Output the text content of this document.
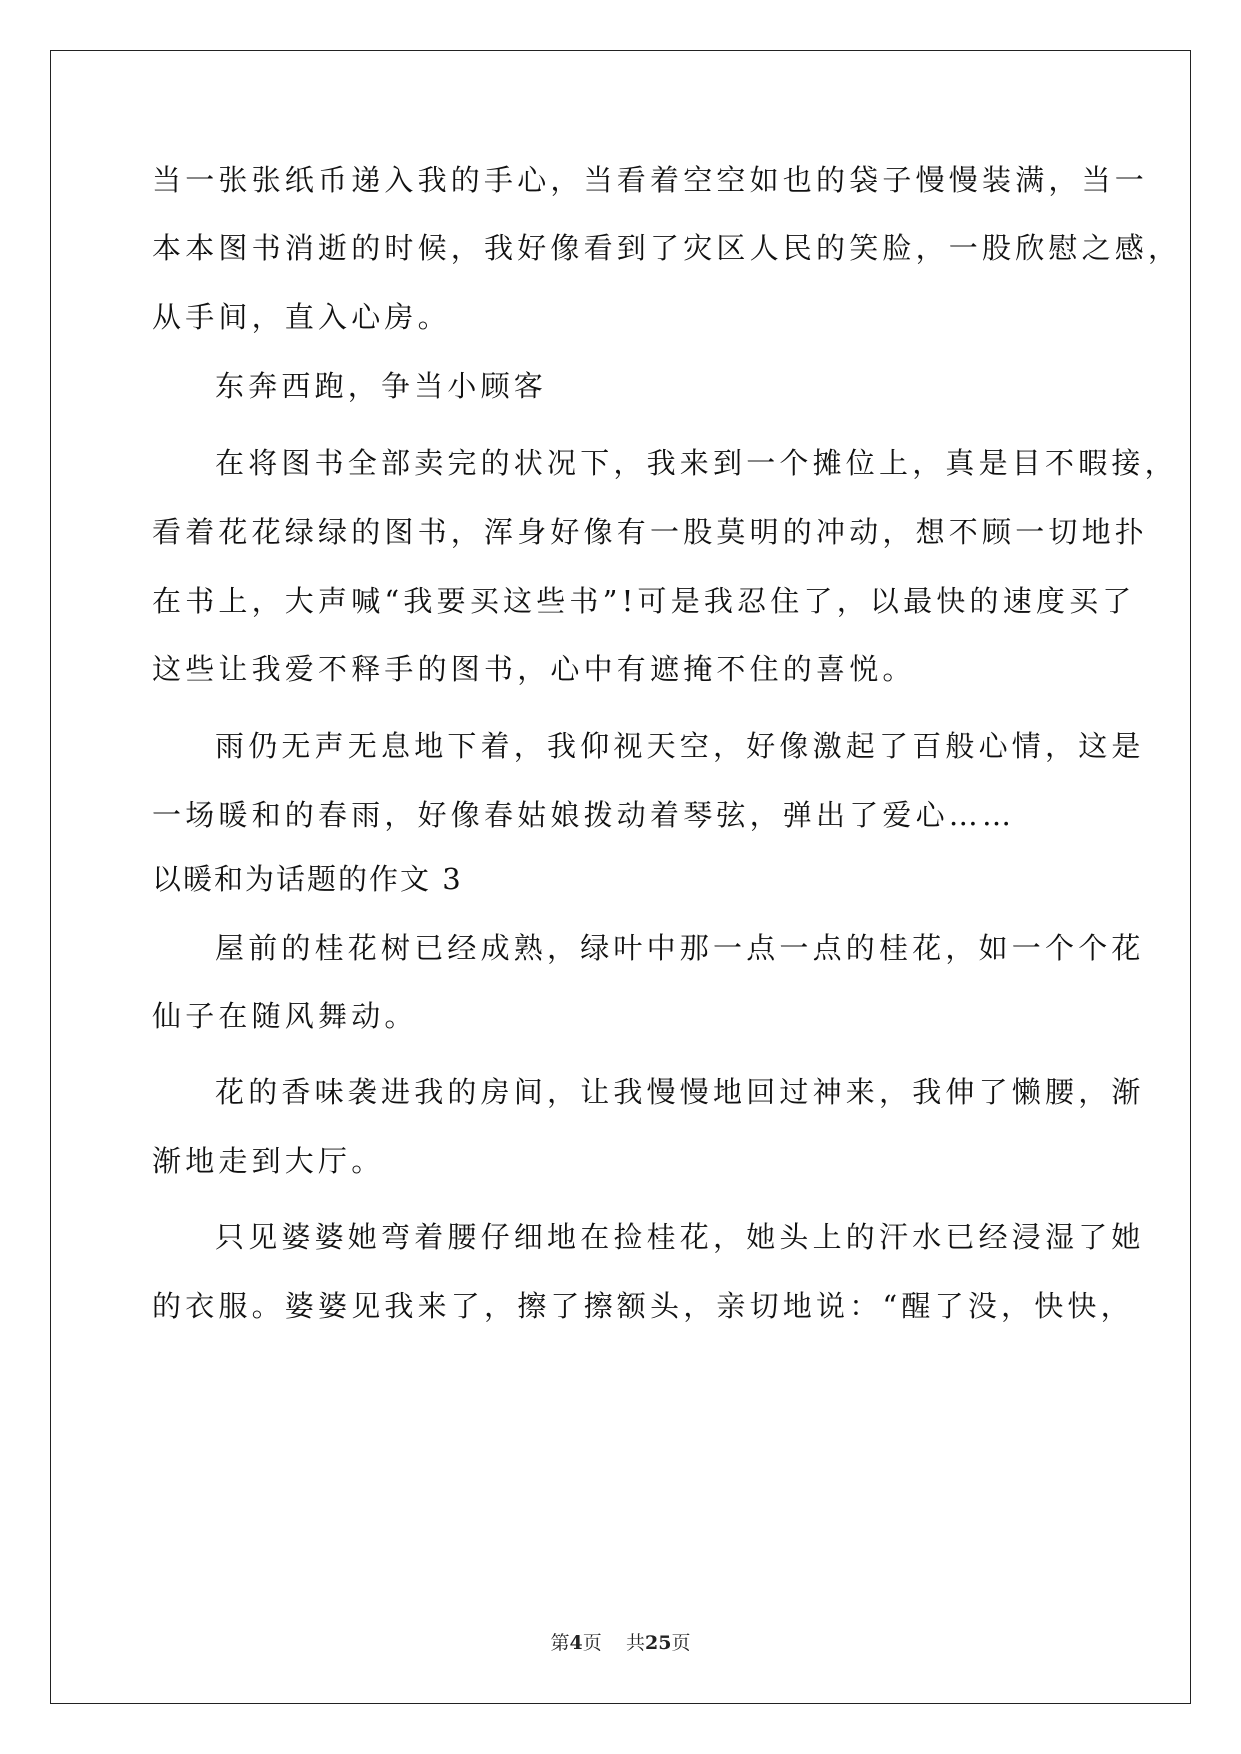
当一张张纸币递入我的手心，当看着空空如也的袋子慢慢装满，当一
本本图书消逝的时候，我好像看到了灾区人民的笑脸，一股欣慰之感，
从手间，直入心房。
东奔西跑，争当小顾客
在将图书全部卖完的状况下，我来到一个摊位上，真是目不暇接，
看着花花绿绿的图书，浑身好像有一股莫明的冲动，想不顾一切地扑
在书上，大声喊“我要买这些书”!可是我忍住了，以最快的速度买了
这些让我爱不释手的图书，心中有遮掩不住的喜悦。
雨仍无声无息地下着，我仰视天空，好像激起了百般心情，这是
一场暖和的春雨，好像春姑娘拨动着琴弦，弹出了爱心……
以暖和为话题的作文 3
屋前的桂花树已经成熟，绿叶中那一点一点的桂花，如一个个花
仙子在随风舞动。
花的香味袭进我的房间，让我慢慢地回过神来，我伸了懒腰，渐
渐地走到大厅。
只见婆婆她弯着腰仔细地在捡桂花，她头上的汗水已经浸湿了她
的衣服。婆婆见我来了，擦了擦额头，亲切地说：“醒了没，快快，
第4页 共25页
